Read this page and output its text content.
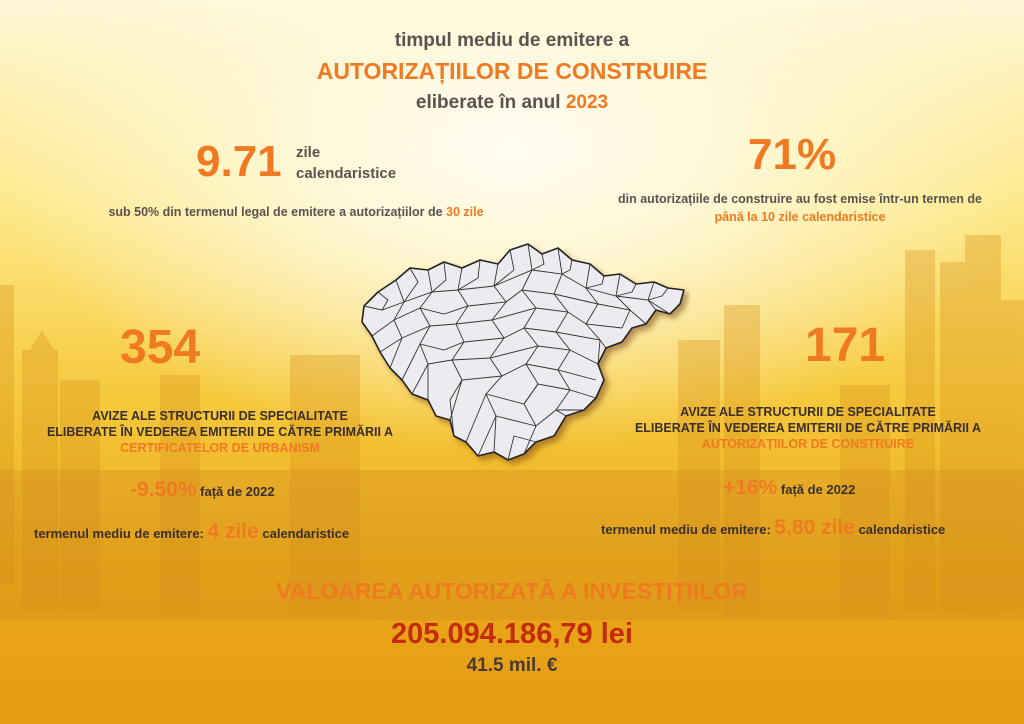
timpul mediu de emitere a
AUTORIZAȚIILOR DE CONSTRUIRE
eliberate în anul 2023
9.71 zile
calendaristice
sub 50% din termenul legal de emitere a autorizațiilor de 30 zile
71%
din autorizațiile de construire au fost emise într-un termen de
până la 10 zile calendaristice
354
AVIZE ALE STRUCTURII DE SPECIALITATE
ELIBERATE ÎN VEDEREA EMITERII DE CĂTRE PRIMĂRII A
CERTIFICATELOR DE URBANISM
-9.50% față de 2022
termenul mediu de emitere: 4 zile calendaristice
171
AVIZE ALE STRUCTURII DE SPECIALITATE
ELIBERATE ÎN VEDEREA EMITERII DE CĂTRE PRIMĂRII A
AUTORIZAȚIILOR DE CONSTRUIRE
+16% față de 2022
termenul mediu de emitere: 5,80 zile calendaristice
VALOAREA AUTORIZATĂ A INVESTIȚIILOR
205.094.186,79 lei
41.5 mil. €
